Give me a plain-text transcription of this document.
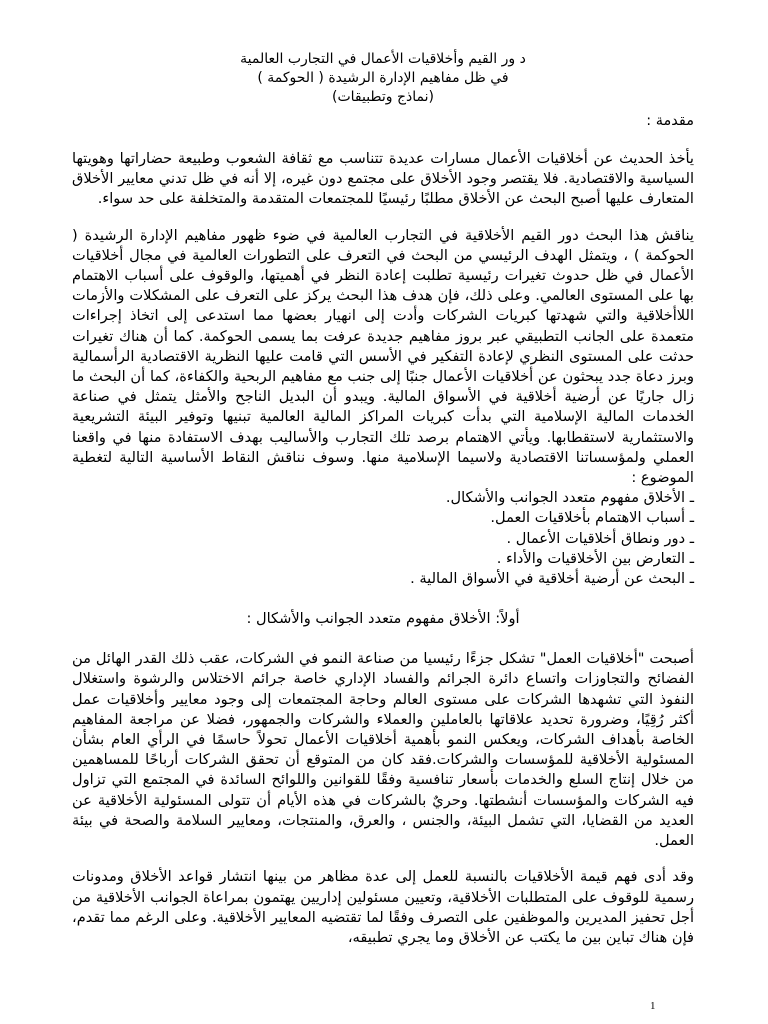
د ور القيم وأخلاقيات الأعمال في التجارب العالمية
في ظل مفاهيم الإدارة الرشيدة ( الحوكمة )
(نماذج وتطبيقات)
مقدمة :

يأخذ الحديث عن أخلاقيات الأعمال مسارات عديدة تتناسب مع ثقافة الشعوب وطبيعة حضاراتها وهويتها السياسية والاقتصادية. فلا يقتصر وجود الأخلاق على مجتمع دون غيره، إلا أنه في ظل تدني معايير الأخلاق المتعارف عليها أصبح البحث عن الأخلاق مطلبًا رئيسيًا للمجتمعات المتقدمة والمتخلفة على حد سواء.

يناقش هذا البحث دور القيم الأخلاقية في التجارب العالمية في ضوء ظهور مفاهيم الإدارة الرشيدة ( الحوكمة ) ، ويتمثل الهدف الرئيسي من البحث في التعرف على التطورات العالمية في مجال أخلاقيات الأعمال في ظل حدوث تغيرات رئيسية تطلبت إعادة النظر في أهميتها، والوقوف على أسباب الاهتمام بها على المستوى العالمي. وعلى ذلك، فإن هدف هذا البحث يركز على التعرف على المشكلات والأزمات اللاأخلاقية والتي شهدتها كبريات الشركات وأدت إلى انهيار بعضها مما استدعى إلى اتخاذ إجراءات متعمدة على الجانب التطبيقي عبر بروز مفاهيم جديدة عرفت بما يسمى الحوكمة. كما أن هناك تغيرات حدثت على المستوى النظري لإعادة التفكير في الأسس التي قامت عليها النظرية الاقتصادية الرأسمالية وبرز دعاة جدد يبحثون عن أخلاقيات الأعمال جنبًا إلى جنب مع مفاهيم الربحية والكفاءة، كما أن البحث ما زال جاريًا عن أرضية أخلاقية في الأسواق المالية. ويبدو أن البديل الناجح والأمثل يتمثل في صناعة الخدمات المالية الإسلامية التي بدأت كبريات المراكز المالية العالمية تبنيها وتوفير البيئة التشريعية والاستثمارية لاستقطابها. ويأتي الاهتمام برصد تلك التجارب والأساليب بهدف الاستفادة منها في واقعنا العملي ولمؤسساتنا الاقتصادية ولاسيما الإسلامية منها. وسوف نناقش النقاط الأساسية التالية لتغطية الموضوع :

ـ الأخلاق مفهوم متعدد الجوانب والأشكال.
ـ أسباب الاهتمام بأخلاقيات العمل.
ـ دور ونطاق أخلاقيات الأعمال .
ـ التعارض بين الأخلاقيات والأداء .
ـ البحث عن أرضية أخلاقية في الأسواق المالية .
أولاً: الأخلاق مفهوم متعدد الجوانب والأشكال :

أصبحت "أخلاقيات العمل" تشكل جزءًا رئيسيا من صناعة النمو في الشركات، عقب ذلك القدر الهائل من الفضائح والتجاوزات واتساع دائرة الجرائم والفساد الإداري خاصة جرائم الاختلاس والرشوة واستغلال النفوذ التي تشهدها الشركات على مستوى العالم وحاجة المجتمعات إلى وجود معايير وأخلاقيات عمل أكثر رُقِيًا، وضرورة تحديد علاقاتها بالعاملين والعملاء والشركات والجمهور، فضلا عن مراجعة المفاهيم الخاصة بأهداف الشركات، ويعكس النمو بأهمية أخلاقيات الأعمال تحولاً حاسمًا في الرأي العام بشأن المسئولية الأخلاقية للمؤسسات والشركات.فقد كان من المتوقع أن تحقق الشركات أرباحًا للمساهمين من خلال إنتاج السلع والخدمات بأسعار تنافسية وفقًا للقوانين واللوائح السائدة في المجتمع التي تزاول فيه الشركات والمؤسسات أنشطتها. وحريٌ بالشركات في هذه الأيام أن تتولى المسئولية الأخلاقية عن العديد من القضايا، التي تشمل البيئة، والجنس ، والعرق، والمنتجات، ومعايير السلامة والصحة في بيئة العمل.

وقد أدى فهم قيمة الأخلاقيات بالنسبة للعمل إلى عدة مظاهر من بينها انتشار قواعد الأخلاق ومدونات رسمية للوقوف على المتطلبات الأخلاقية، وتعيين مسئولين إداريين يهتمون بمراعاة الجوانب الأخلاقية من أجل تحفيز المديرين والموظفين على التصرف وفقًا لما تقتضيه المعايير الأخلاقية. وعلى الرغم مما تقدم، فإن هناك تباين بين ما يكتب عن الأخلاق وما يجري تطبيقه،

1
